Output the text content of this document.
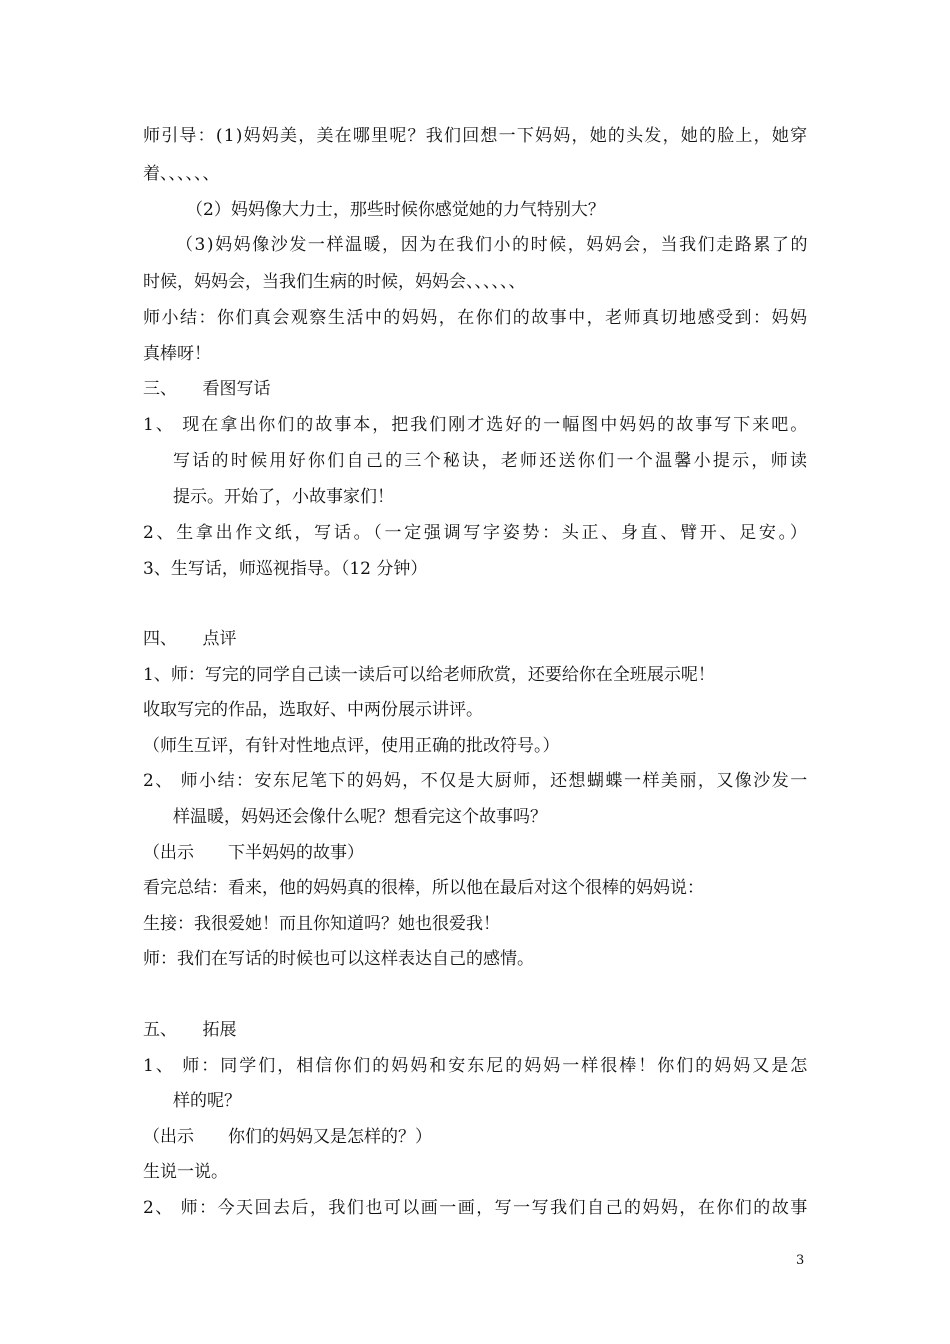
师引导：(1)妈妈美，美在哪里呢？我们回想一下妈妈，她的头发，她的脸上，她穿
着、、、、、、
（2）妈妈像大力士，那些时候你感觉她的力气特别大？
（3)妈妈像沙发一样温暖，因为在我们小的时候，妈妈会，当我们走路累了的
时候，妈妈会，当我们生病的时候，妈妈会、、、、、、
师小结：你们真会观察生活中的妈妈，在你们的故事中，老师真切地感受到：妈妈
真棒呀！
三、　　看图写话
1、 现在拿出你们的故事本，把我们刚才选好的一幅图中妈妈的故事写下来吧。
写话的时候用好你们自己的三个秘诀，老师还送你们一个温馨小提示，师读
提示。开始了，小故事家们！
2、生拿出作文纸，写话。（一定强调写字姿势：头正、身直、臂开、足安。）
3、生写话，师巡视指导。（12 分钟）
四、　　点评
1、师：写完的同学自己读一读后可以给老师欣赏，还要给你在全班展示呢！
收取写完的作品，选取好、中两份展示讲评。
（师生互评，有针对性地点评，使用正确的批改符号。）
2、 师小结：安东尼笔下的妈妈，不仅是大厨师，还想蝴蝶一样美丽，又像沙发一
样温暖，妈妈还会像什么呢？想看完这个故事吗？
（出示　　下半妈妈的故事）
看完总结：看来，他的妈妈真的很棒，所以他在最后对这个很棒的妈妈说：
生接：我很爱她！而且你知道吗？她也很爱我！
师：我们在写话的时候也可以这样表达自己的感情。
五、　　拓展
1、 师：同学们，相信你们的妈妈和安东尼的妈妈一样很棒！你们的妈妈又是怎
样的呢？
（出示　　你们的妈妈又是怎样的？）
生说一说。
2、 师：今天回去后，我们也可以画一画，写一写我们自己的妈妈，在你们的故事
3
